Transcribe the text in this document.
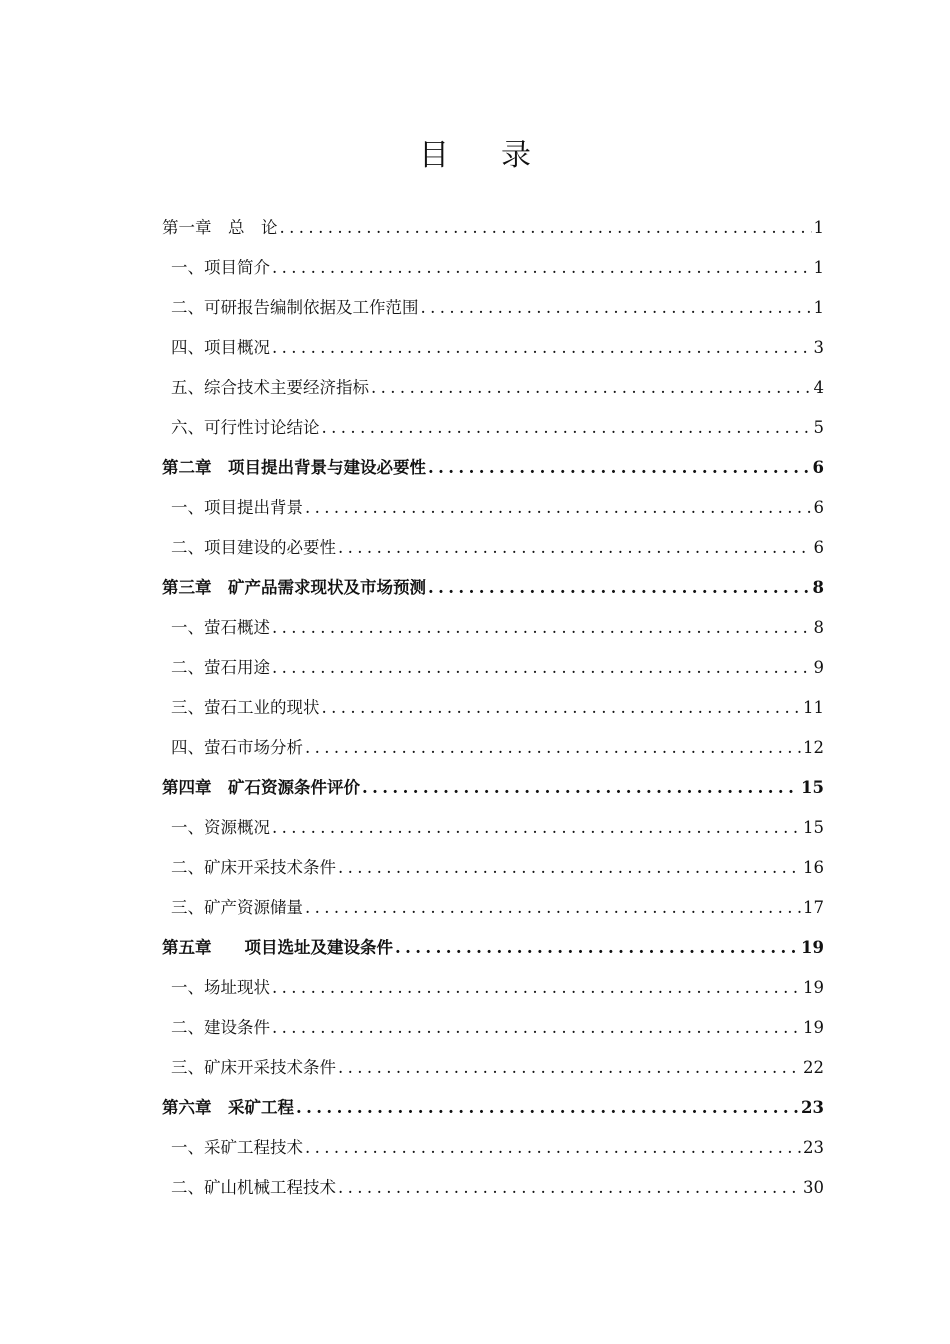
目录
第一章　总　论 .....	1
一、项目简介 .....	1
二、可研报告编制依据及工作范围 .....	1
四、项目概况 .....	3
五、综合技术主要经济指标 .....	4
六、可行性讨论结论 .....	5
第二章　项目提出背景与建设必要性 .....	6
一、项目提出背景 .....	6
二、项目建设的必要性 .....	6
第三章　矿产品需求现状及市场预测 .....	8
一、萤石概述 .....	8
二、萤石用途 .....	9
三、萤石工业的现状 .....	11
四、萤石市场分析 .....	12
第四章　矿石资源条件评价 .....	15
一、资源概况 .....	15
二、矿床开采技术条件 .....	16
三、矿产资源储量 .....	17
第五章　　项目选址及建设条件 .....	19
一、场址现状 .....	19
二、建设条件 .....	19
三、矿床开采技术条件 .....	22
第六章　采矿工程 .....	23
一、采矿工程技术 .....	23
二、矿山机械工程技术 .....	30
